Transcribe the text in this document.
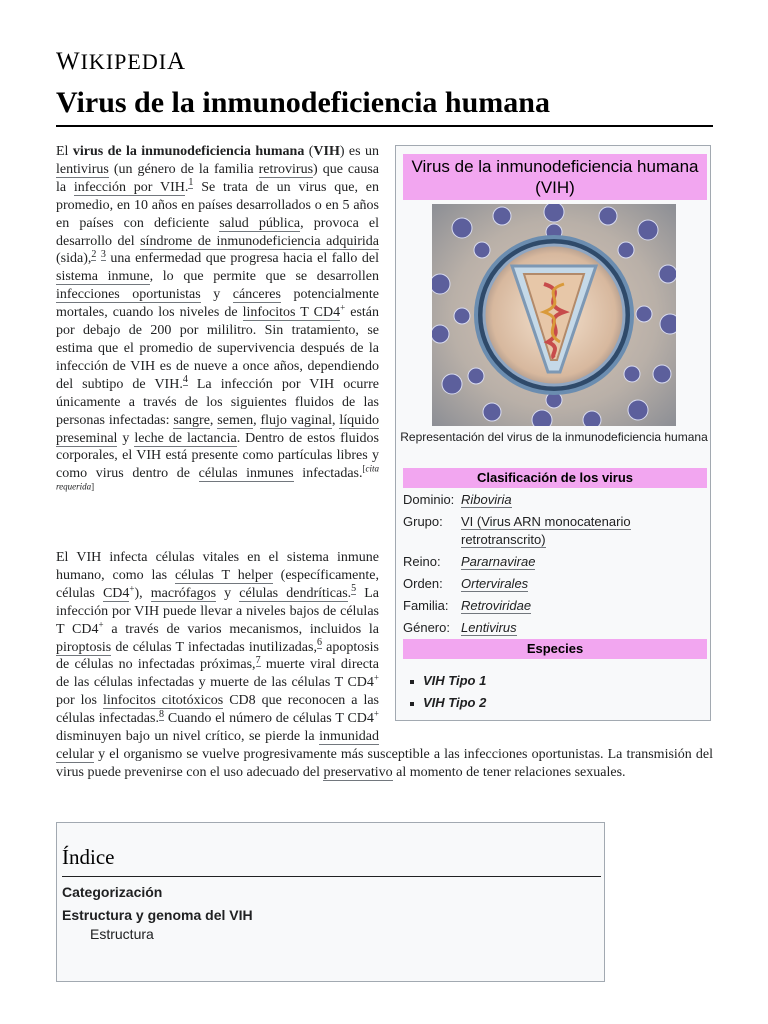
WIKIPEDIA
Virus de la inmunodeficiencia humana
Virus de la inmunodeficiencia humana (VIH)
Representación del virus de la inmunodeficiencia humana
Clasificación de los virus
Dominio: Riboviria
Grupo:	VI (Virus ARN monocatenario retrotranscrito)
Reino:	Pararnavirae
Orden:	Ortervirales
Familia: Retroviridae
Género: Lentivirus
Especies
VIH Tipo 1
VIH Tipo 2

El virus de la inmunodeficiencia humana (VIH) es un lentivirus (un género de la familia retrovirus) que causa la infección por VIH.$^1$ Se trata de un virus que, en promedio, en 10 años en países desarrollados o en 5 años en países con deficiente salud pública, provoca el desarrollo del síndrome de inmunodeficiencia adquirida (sida),$^2$ $^3$ una enfermedad que progresa hacia el fallo del sistema inmune, lo que permite que se desarrollen infecciones oportunistas y cánceres potencialmente mortales, cuando los niveles de linfocitos T CD4+ están por debajo de 200 por mililitro. Sin tratamiento, se estima que el promedio de supervivencia después de la infección de VIH es de nueve a once años, dependiendo del subtipo de VIH.$^4$ La infección por VIH ocurre únicamente a través de los siguientes fluidos de las personas infectadas: sangre, semen, flujo vaginal, líquido preseminal y leche de lactancia. Dentro de estos fluidos corporales, el VIH está presente como partículas libres y como virus dentro de células inmunes infectadas.[cita requerida]

El VIH infecta células vitales en el sistema inmune humano, como las células T helper (específicamente, células CD4+), macrófagos y células dendríticas.$^5$ La infección por VIH puede llevar a niveles bajos de células T CD4+ a través de varios mecanismos, incluidos la piroptosis de células T infectadas inutilizadas,$^6$ apoptosis de células no infectadas próximas,$^7$ muerte viral directa de las células infectadas y muerte de las células T CD4+ por los linfocitos citotóxicos CD8 que reconocen a las células infectadas.$^8$ Cuando el número de células T CD4+ disminuyen bajo un nivel crítico, se pierde la inmunidad celular y el organismo se vuelve progresivamente más susceptible a las infecciones oportunistas. La transmisión del virus puede prevenirse con el uso adecuado del preservativo al momento de tener relaciones sexuales.

Índice
Categorización
Estructura y genoma del VIH
Estructura
